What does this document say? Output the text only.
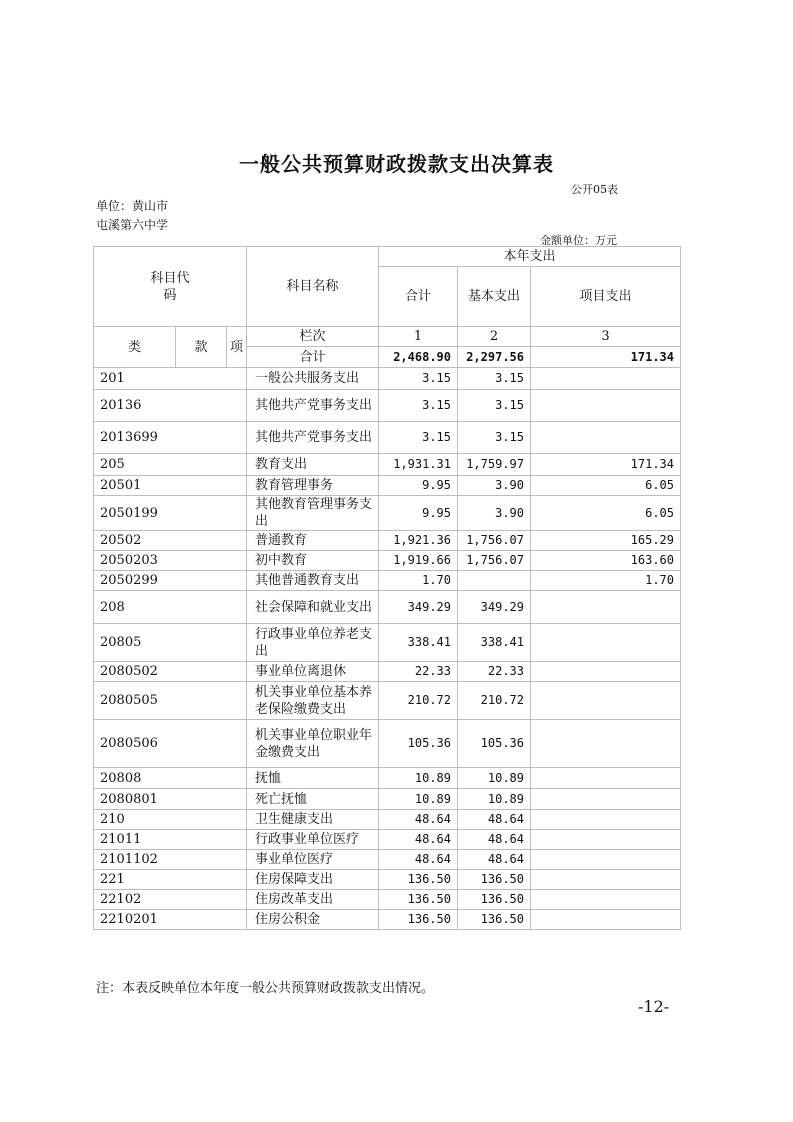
一般公共预算财政拨款支出决算表
公开05表
单位：黄山市屯溪第六中学
金额单位：万元
科目代码			科目名称	本年支出		
				合计	基本支出	项目支出

类	款	项	栏次	1	2	3
			合计	2,468.90	2,297.56	171.34
201			一般公共服务支出	3.15	3.15	
20136			其他共产党事务支出	3.15	3.15	
2013699			其他共产党事务支出	3.15	3.15	
205			教育支出	1,931.31	1,759.97	171.34
20501			教育管理事务	9.95	3.90	6.05
2050199			其他教育管理事务支出	9.95	3.90	6.05
20502			普通教育	1,921.36	1,756.07	165.29
2050203			初中教育	1,919.66	1,756.07	163.60
2050299			其他普通教育支出	1.70		1.70
208			社会保障和就业支出	349.29	349.29	
20805			行政事业单位养老支出	338.41	338.41	
2080502			事业单位离退休	22.33	22.33	
2080505			机关事业单位基本养老保险缴费支出	210.72	210.72	
2080506			机关事业单位职业年金缴费支出	105.36	105.36	
20808			抚恤	10.89	10.89	
2080801			死亡抚恤	10.89	10.89	
210			卫生健康支出	48.64	48.64	
21011			行政事业单位医疗	48.64	48.64	
2101102			事业单位医疗	48.64	48.64	
221			住房保障支出	136.50	136.50	
22102			住房改革支出	136.50	136.50	
2210201			住房公积金	136.50	136.50	
注：本表反映单位本年度一般公共预算财政拨款支出情况。
-12-
